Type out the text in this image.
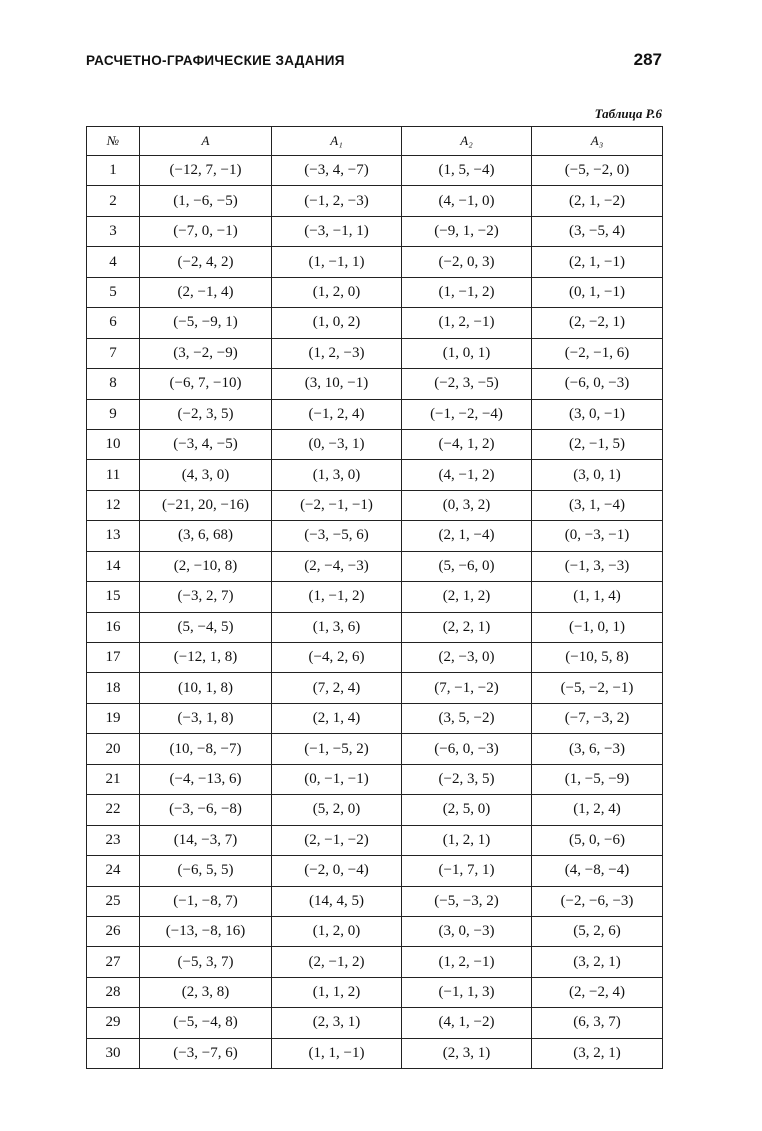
РАСЧЕТНО-ГРАФИЧЕСКИЕ ЗАДАНИЯ	287
Таблица Р.6
№	A	A₁	A₂	A₃
1	(−12, 7, −1)	(−3, 4, −7)	(1, 5, −4)	(−5, −2, 0)
2	(1, −6, −5)	(−1, 2, −3)	(4, −1, 0)	(2, 1, −2)
3	(−7, 0, −1)	(−3, −1, 1)	(−9, 1, −2)	(3, −5, 4)
4	(−2, 4, 2)	(1, −1, 1)	(−2, 0, 3)	(2, 1, −1)
5	(2, −1, 4)	(1, 2, 0)	(1, −1, 2)	(0, 1, −1)
6	(−5, −9, 1)	(1, 0, 2)	(1, 2, −1)	(2, −2, 1)
7	(3, −2, −9)	(1, 2, −3)	(1, 0, 1)	(−2, −1, 6)
8	(−6, 7, −10)	(3, 10, −1)	(−2, 3, −5)	(−6, 0, −3)
9	(−2, 3, 5)	(−1, 2, 4)	(−1, −2, −4)	(3, 0, −1)
10	(−3, 4, −5)	(0, −3, 1)	(−4, 1, 2)	(2, −1, 5)
11	(4, 3, 0)	(1, 3, 0)	(4, −1, 2)	(3, 0, 1)
12	(−21, 20, −16)	(−2, −1, −1)	(0, 3, 2)	(3, 1, −4)
13	(3, 6, 68)	(−3, −5, 6)	(2, 1, −4)	(0, −3, −1)
14	(2, −10, 8)	(2, −4, −3)	(5, −6, 0)	(−1, 3, −3)
15	(−3, 2, 7)	(1, −1, 2)	(2, 1, 2)	(1, 1, 4)
16	(5, −4, 5)	(1, 3, 6)	(2, 2, 1)	(−1, 0, 1)
17	(−12, 1, 8)	(−4, 2, 6)	(2, −3, 0)	(−10, 5, 8)
18	(10, 1, 8)	(7, 2, 4)	(7, −1, −2)	(−5, −2, −1)
19	(−3, 1, 8)	(2, 1, 4)	(3, 5, −2)	(−7, −3, 2)
20	(10, −8, −7)	(−1, −5, 2)	(−6, 0, −3)	(3, 6, −3)
21	(−4, −13, 6)	(0, −1, −1)	(−2, 3, 5)	(1, −5, −9)
22	(−3, −6, −8)	(5, 2, 0)	(2, 5, 0)	(1, 2, 4)
23	(14, −3, 7)	(2, −1, −2)	(1, 2, 1)	(5, 0, −6)
24	(−6, 5, 5)	(−2, 0, −4)	(−1, 7, 1)	(4, −8, −4)
25	(−1, −8, 7)	(14, 4, 5)	(−5, −3, 2)	(−2, −6, −3)
26	(−13, −8, 16)	(1, 2, 0)	(3, 0, −3)	(5, 2, 6)
27	(−5, 3, 7)	(2, −1, 2)	(1, 2, −1)	(3, 2, 1)
28	(2, 3, 8)	(1, 1, 2)	(−1, 1, 3)	(2, −2, 4)
29	(−5, −4, 8)	(2, 3, 1)	(4, 1, −2)	(6, 3, 7)
30	(−3, −7, 6)	(1, 1, −1)	(2, 3, 1)	(3, 2, 1)
